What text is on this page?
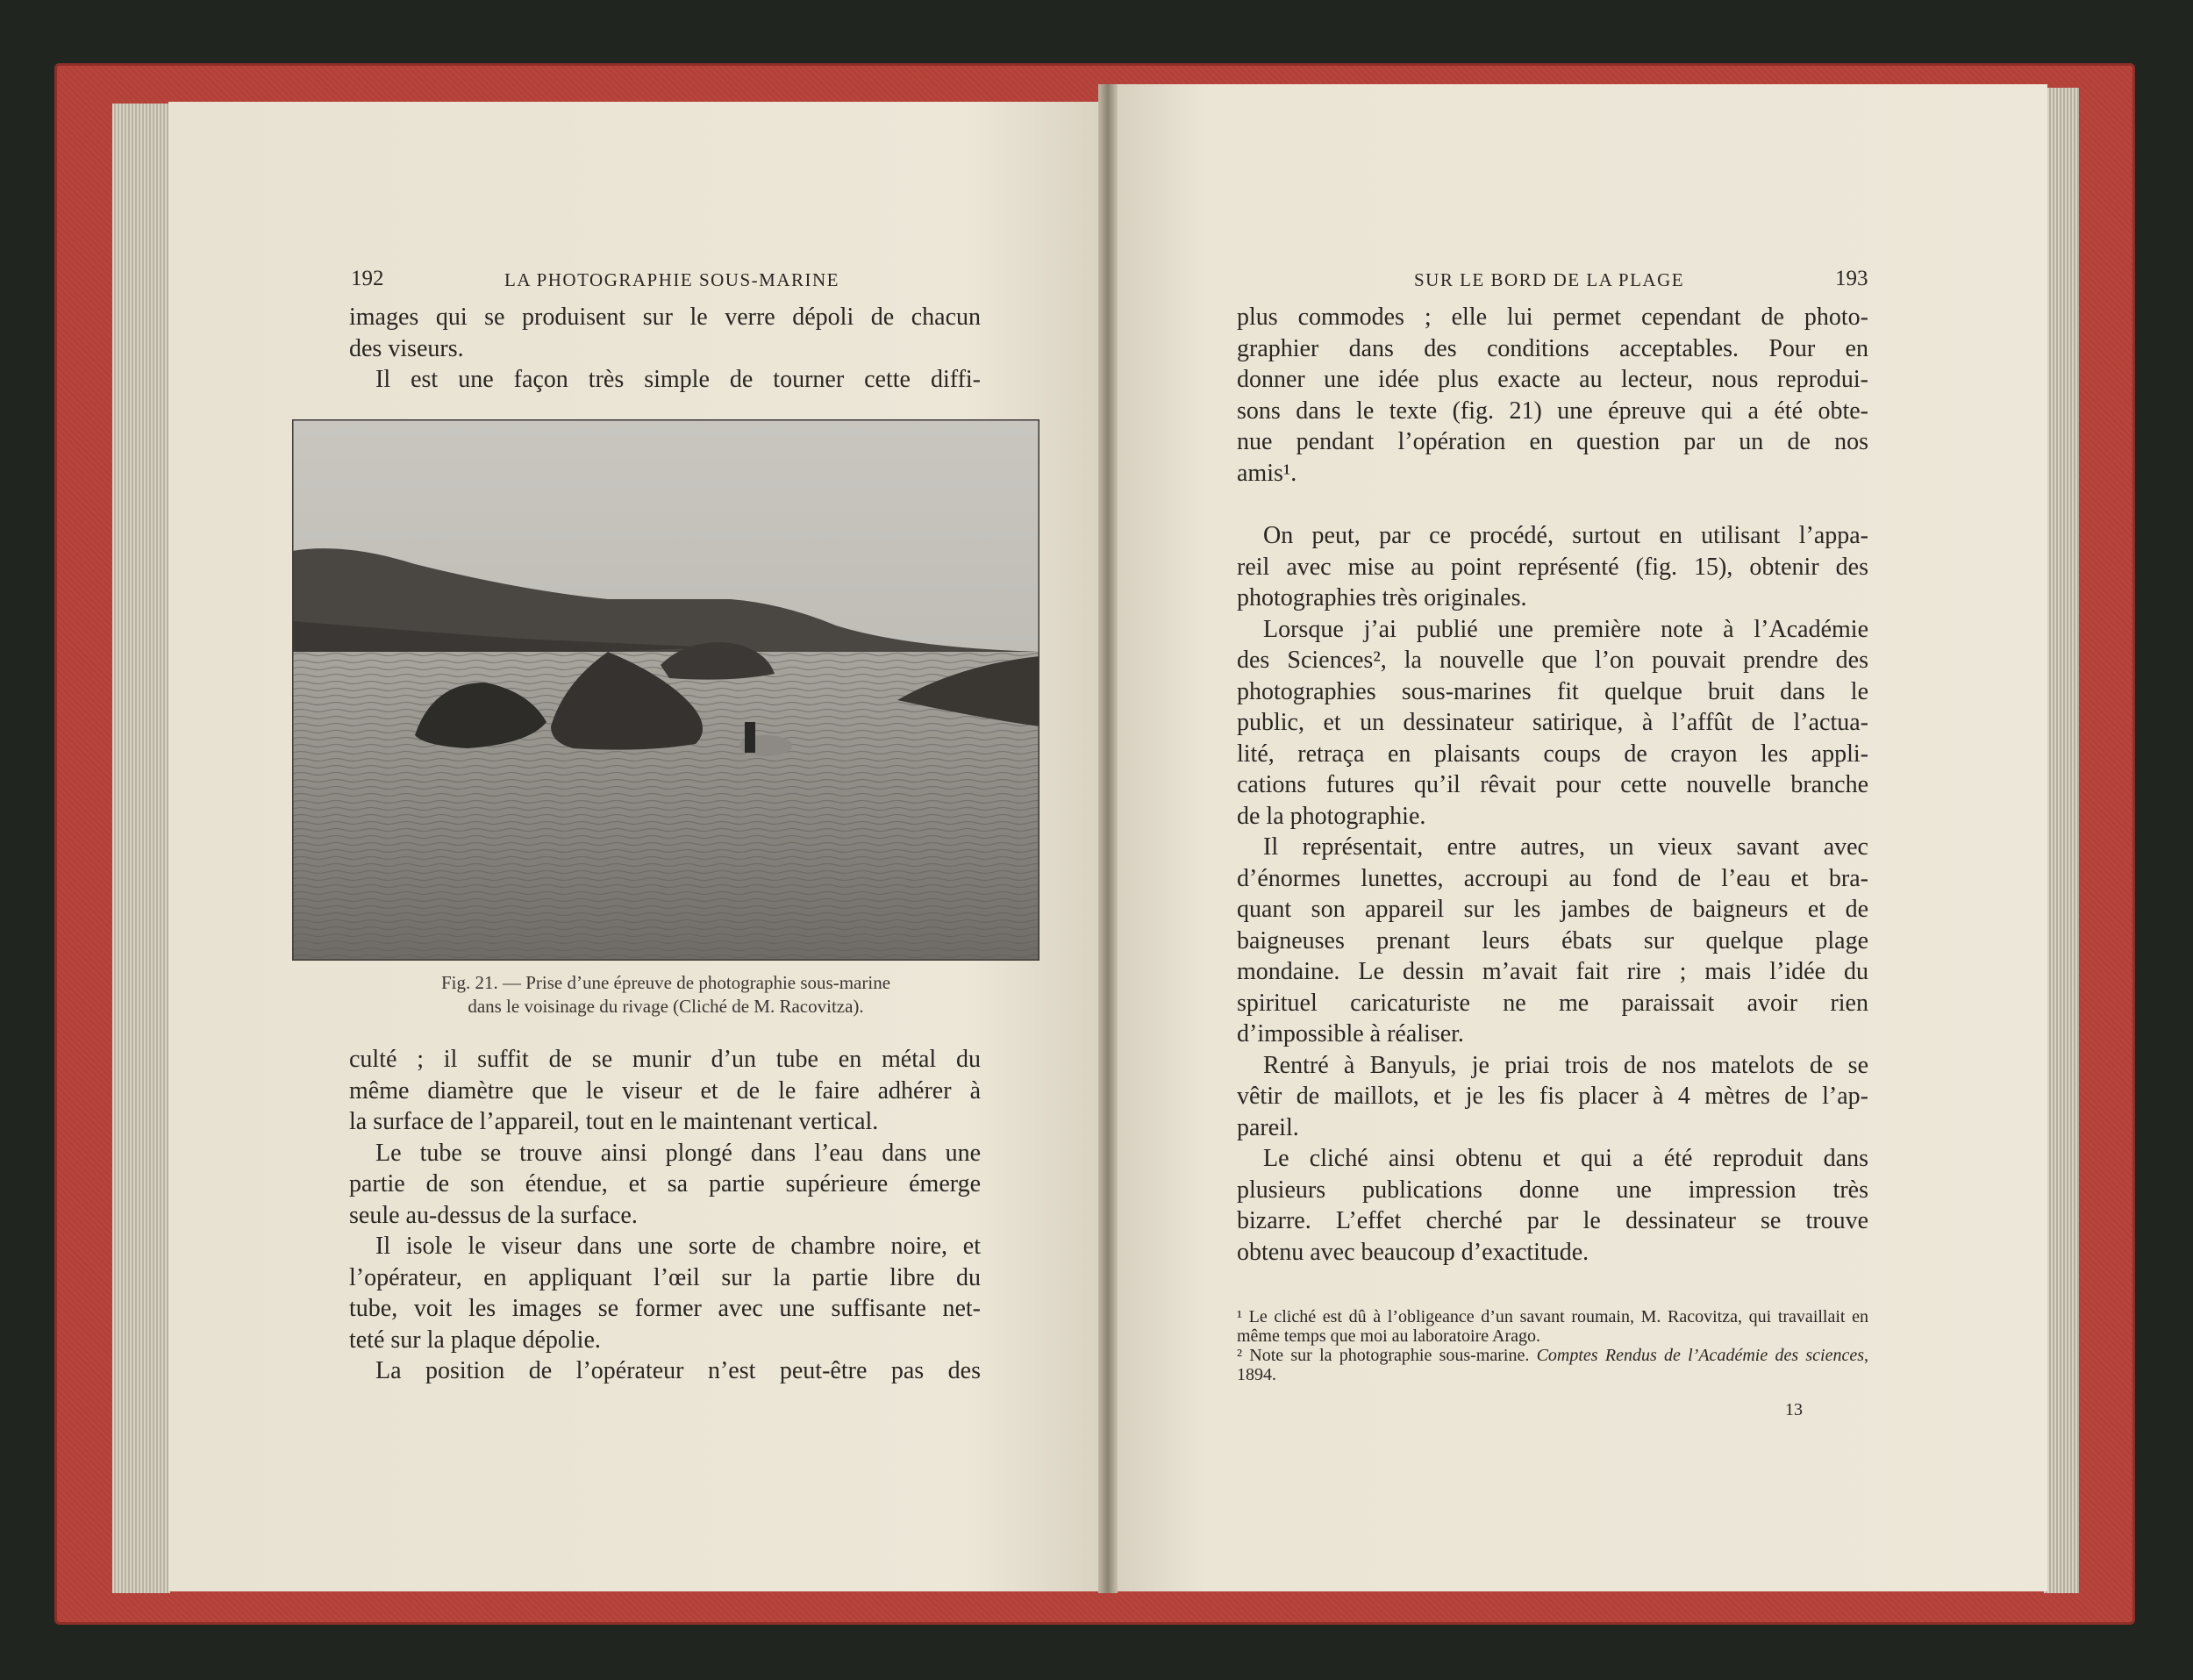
192	LA PHOTOGRAPHIE SOUS-MARINE
images qui se produisent sur le verre dépoli de chacun
des viseurs.
Il est une façon très simple de tourner cette diffi-
Fig. 21. — Prise d’une épreuve de photographie sous-marine
dans le voisinage du rivage (Cliché de M. Racovitza).
culté ; il suffit de se munir d’un tube en métal du
même diamètre que le viseur et de le faire adhérer à
la surface de l’appareil, tout en le maintenant vertical.
Le tube se trouve ainsi plongé dans l’eau dans une
partie de son étendue, et sa partie supérieure émerge
seule au-dessus de la surface.
Il isole le viseur dans une sorte de chambre noire, et
l’opérateur, en appliquant l’œil sur la partie libre du
tube, voit les images se former avec une suffisante net-
teté sur la plaque dépolie.
La position de l’opérateur n’est peut-être pas des
SUR LE BORD DE LA PLAGE	193
plus commodes ; elle lui permet cependant de photo-
graphier dans des conditions acceptables. Pour en
donner une idée plus exacte au lecteur, nous reprodui-
sons dans le texte (fig. 21) une épreuve qui a été obte-
nue pendant l’opération en question par un de nos
amis¹.
On peut, par ce procédé, surtout en utilisant l’appa-
reil avec mise au point représenté (fig. 15), obtenir des
photographies très originales.
Lorsque j’ai publié une première note à l’Académie
des Sciences², la nouvelle que l’on pouvait prendre des
photographies sous-marines fit quelque bruit dans le
public, et un dessinateur satirique, à l’affût de l’actua-
lité, retraça en plaisants coups de crayon les appli-
cations futures qu’il rêvait pour cette nouvelle branche
de la photographie.
Il représentait, entre autres, un vieux savant avec
d’énormes lunettes, accroupi au fond de l’eau et bra-
quant son appareil sur les jambes de baigneurs et de
baigneuses prenant leurs ébats sur quelque plage
mondaine. Le dessin m’avait fait rire ; mais l’idée du
spirituel caricaturiste ne me paraissait avoir rien
d’impossible à réaliser.
Rentré à Banyuls, je priai trois de nos matelots de se
vêtir de maillots, et je les fis placer à 4 mètres de l’ap-
pareil.
Le cliché ainsi obtenu et qui a été reproduit dans
plusieurs publications donne une impression très
bizarre. L’effet cherché par le dessinateur se trouve
obtenu avec beaucoup d’exactitude.

¹ Le cliché est dû à l’obligeance d’un savant roumain, M. Racovitza, qui travaillait en même temps que moi au laboratoire Arago.

² Note sur la photographie sous-marine. Comptes Rendus de l’Académie des sciences, 1894.

13
